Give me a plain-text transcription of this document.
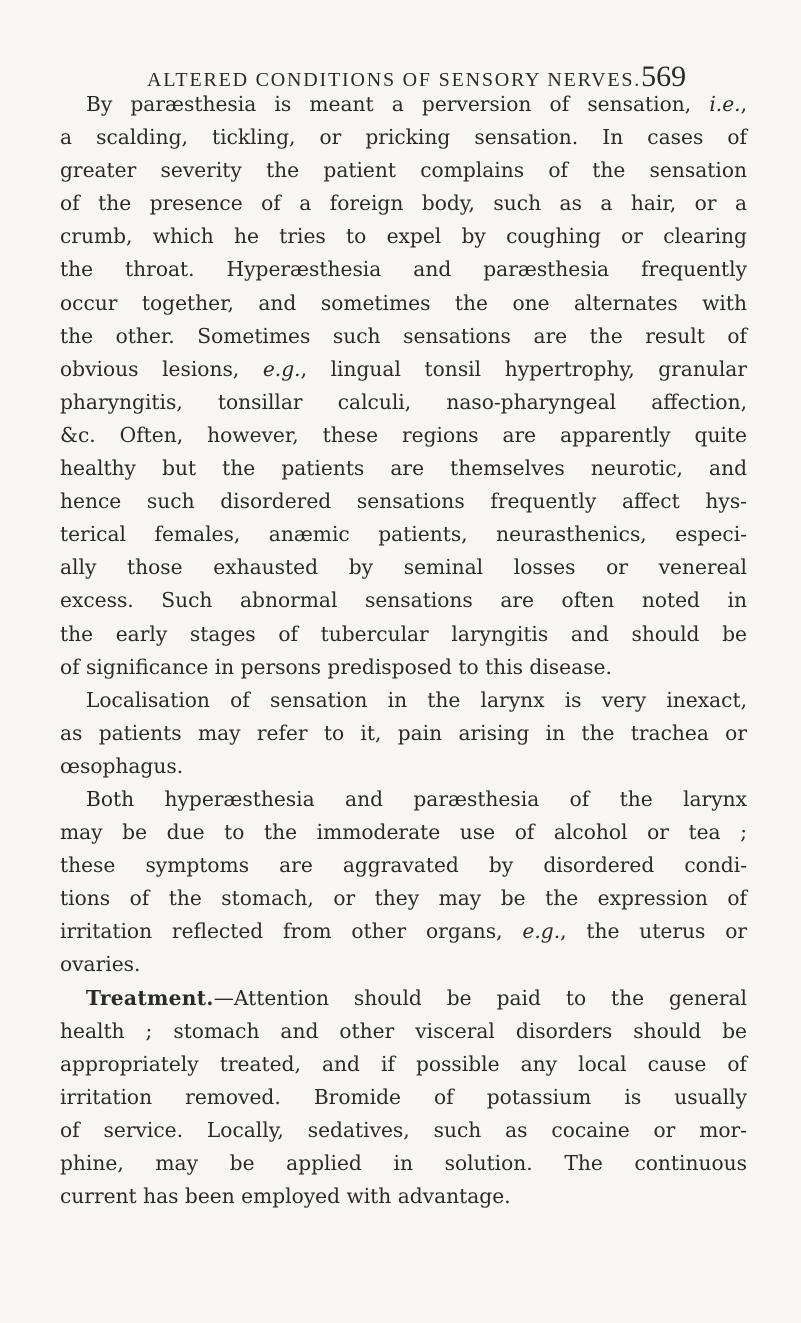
ALTERED CONDITIONS OF SENSORY NERVES. 569
By paræsthesia is meant a perversion of sensation, i.e.,
a scalding, tickling, or pricking sensation. In cases of
greater severity the patient complains of the sensation
of the presence of a foreign body, such as a hair, or a
crumb, which he tries to expel by coughing or clearing
the throat. Hyperæsthesia and paræsthesia frequently
occur together, and sometimes the one alternates with
the other. Sometimes such sensations are the result of
obvious lesions, e.g., lingual tonsil hypertrophy, granular
pharyngitis, tonsillar calculi, naso-pharyngeal affection,
&c. Often, however, these regions are apparently quite
healthy but the patients are themselves neurotic, and
hence such disordered sensations frequently affect hys-
terical females, anæmic patients, neurasthenics, especi-
ally those exhausted by seminal losses or venereal
excess. Such abnormal sensations are often noted in
the early stages of tubercular laryngitis and should be
of significance in persons predisposed to this disease.
Localisation of sensation in the larynx is very inexact,
as patients may refer to it, pain arising in the trachea or
œsophagus.
Both hyperæsthesia and paræsthesia of the larynx
may be due to the immoderate use of alcohol or tea ;
these symptoms are aggravated by disordered condi-
tions of the stomach, or they may be the expression of
irritation reflected from other organs, e.g., the uterus or
ovaries.
Treatment.—Attention should be paid to the general
health ; stomach and other visceral disorders should be
appropriately treated, and if possible any local cause of
irritation removed. Bromide of potassium is usually
of service. Locally, sedatives, such as cocaine or mor-
phine, may be applied in solution. The continuous
current has been employed with advantage.
